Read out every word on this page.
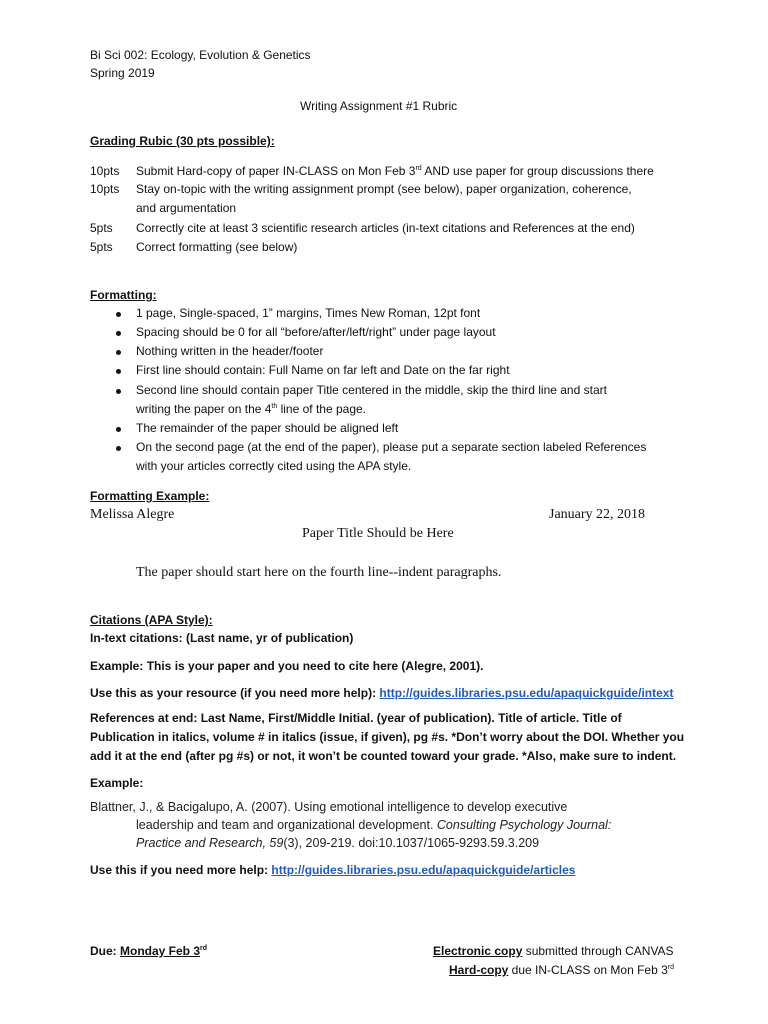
Bi Sci 002: Ecology, Evolution & Genetics
Spring 2019
Writing Assignment #1 Rubric
Grading Rubic (30 pts possible):
10pts Submit Hard-copy of paper IN-CLASS on Mon Feb 3rd AND use paper for group discussions there
10pts Stay on-topic with the writing assignment prompt (see below), paper organization, coherence,
and argumentation
5pts Correctly cite at least 3 scientific research articles (in-text citations and References at the end)
5pts Correct formatting (see below)
Formatting:
1 page, Single-spaced, 1” margins, Times New Roman, 12pt font
Spacing should be 0 for all “before/after/left/right” under page layout
Nothing written in the header/footer
First line should contain: Full Name on far left and Date on the far right
Second line should contain paper Title centered in the middle, skip the third line and start
writing the paper on the 4th line of the page.
The remainder of the paper should be aligned left
On the second page (at the end of the paper), please put a separate section labeled References
with your articles correctly cited using the APA style.
Formatting Example:
Melissa Alegre	January 22, 2018
Paper Title Should be Here
The paper should start here on the fourth line--indent paragraphs.
Citations (APA Style):
In-text citations: (Last name, yr of publication)
Example: This is your paper and you need to cite here (Alegre, 2001).
Use this as your resource (if you need more help): http://guides.libraries.psu.edu/apaquickguide/intext
References at end: Last Name, First/Middle Initial. (year of publication). Title of article. Title of
Publication in italics, volume # in italics (issue, if given), pg #s. *Don’t worry about the DOI. Whether you
add it at the end (after pg #s) or not, it won’t be counted toward your grade. *Also, make sure to indent.
Example:
Blattner, J., & Bacigalupo, A. (2007). Using emotional intelligence to develop executive
leadership and team and organizational development. Consulting Psychology Journal:
Practice and Research, 59(3), 209-219. doi:10.1037/1065-9293.59.3.209
Use this if you need more help: http://guides.libraries.psu.edu/apaquickguide/articles
Due: Monday Feb 3rd	Electronic copy submitted through CANVAS
Hard-copy due IN-CLASS on Mon Feb 3rd
